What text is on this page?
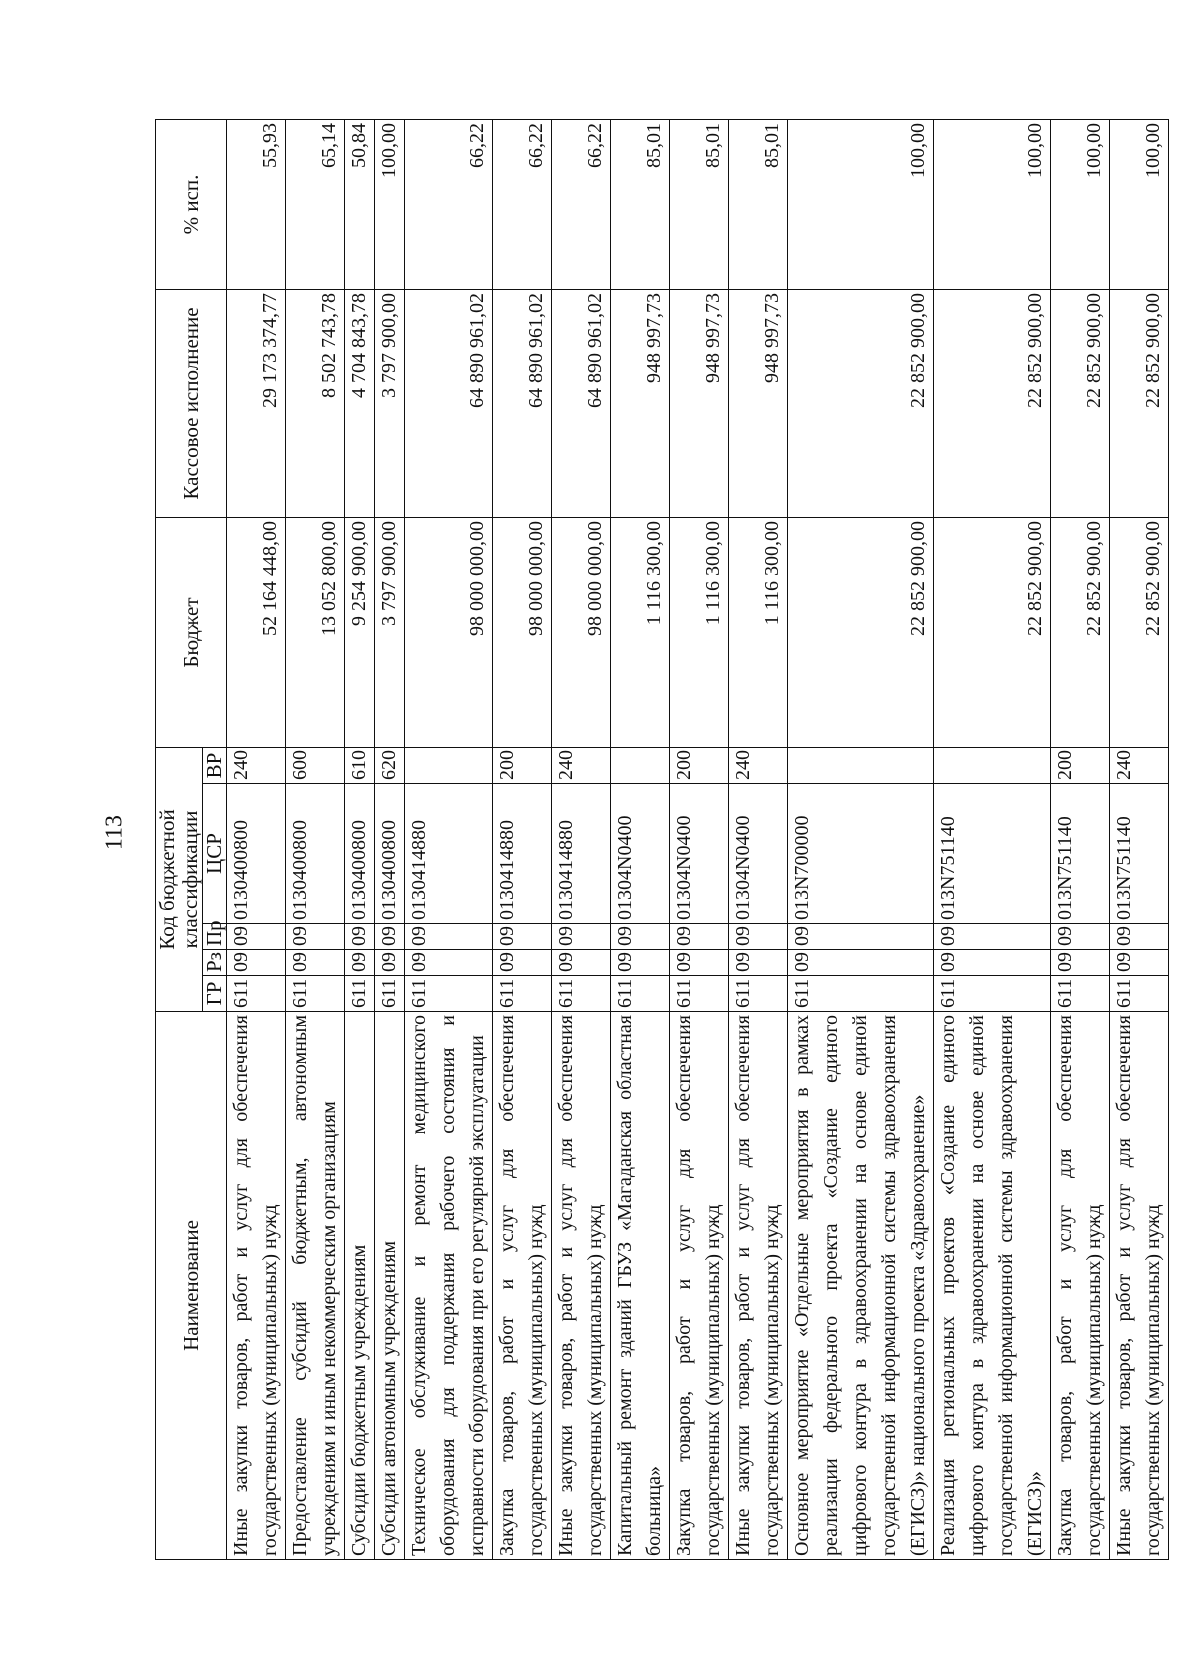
113
Наименование	Код бюджетной классификации					Бюджет	Кассовое исполнение	% исп.
	ГР	Рз	Пр	ЦСР	ВР			
Иные закупки товаров, работ и услуг для обеспечения государственных (муниципальных) нужд	611	09	09	0130400800	240	52 164 448,00	29 173 374,77	55,93
Предоставление субсидий бюджетным, автономным учреждениям и иным некоммерческим организациям	611	09	09	0130400800	600	13 052 800,00	8 502 743,78	65,14
Субсидии бюджетным учреждениям	611	09	09	0130400800	610	9 254 900,00	4 704 843,78	50,84
Субсидии автономным учреждениям	611	09	09	0130400800	620	3 797 900,00	3 797 900,00	100,00
Техническое обслуживание и ремонт медицинского оборудования для поддержания рабочего состояния и исправности оборудования при его регулярной эксплуатации	611	09	09	0130414880		98 000 000,00	64 890 961,02	66,22
Закупка товаров, работ и услуг для обеспечения государственных (муниципальных) нужд	611	09	09	0130414880	200	98 000 000,00	64 890 961,02	66,22
Иные закупки товаров, работ и услуг для обеспечения государственных (муниципальных) нужд	611	09	09	0130414880	240	98 000 000,00	64 890 961,02	66,22
Капитальный ремонт зданий ГБУЗ «Магаданская областная больница»	611	09	09	01304N0400		1 116 300,00	948 997,73	85,01
Закупка товаров, работ и услуг для обеспечения государственных (муниципальных) нужд	611	09	09	01304N0400	200	1 116 300,00	948 997,73	85,01
Иные закупки товаров, работ и услуг для обеспечения государственных (муниципальных) нужд	611	09	09	01304N0400	240	1 116 300,00	948 997,73	85,01
Основное мероприятие «Отдельные мероприятия в рамках реализации федерального проекта «Создание единого цифрового контура в здравоохранении на основе единой государственной информационной системы здравоохранения (ЕГИСЗ)» национального проекта «Здравоохранение»	611	09	09	013N700000		22 852 900,00	22 852 900,00	100,00
Реализация региональных проектов «Создание единого цифрового контура в здравоохранении на основе единой государственной информационной системы здравоохранения (ЕГИСЗ)»	611	09	09	013N751140		22 852 900,00	22 852 900,00	100,00
Закупка товаров, работ и услуг для обеспечения государственных (муниципальных) нужд	611	09	09	013N751140	200	22 852 900,00	22 852 900,00	100,00
Иные закупки товаров, работ и услуг для обеспечения государственных (муниципальных) нужд	611	09	09	013N751140	240	22 852 900,00	22 852 900,00	100,00
